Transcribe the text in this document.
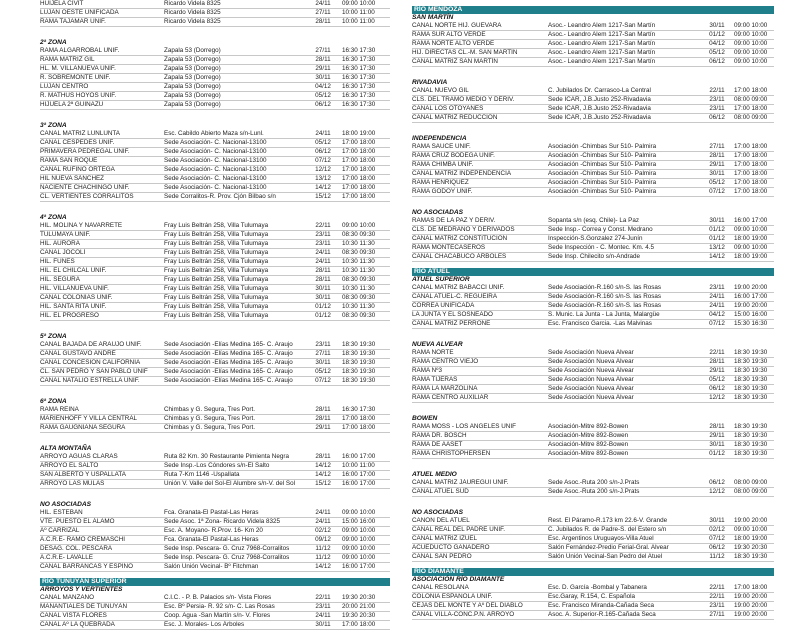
HUIJELA CIVIT	Ricardo Videla 8325	24/11	09:00 10:00
LUJÁN OESTE UNIFICADA	Ricardo Videla 8325	27/11	10:00 11:00
RAMA TAJAMAR UNIF.	Ricardo Videla 8325	28/11	10:00 11:00
2ª ZONA
RAMA ALGARROBAL UNIF.	Zapala 53 (Dorrego)	27/11	16:30 17:30
RAMA MATRIZ GIL	Zapala 53 (Dorrego)	28/11	16:30 17:30
HL. M. VILLANUEVA UNIF.	Zapala 53 (Dorrego)	29/11	16:30 17:30
R. SOBREMONTE UNIF.	Zapala 53 (Dorrego)	30/11	16:30 17:30
LUJÁN CENTRO	Zapala 53 (Dorrego)	04/12	16:30 17:30
R. MATHUS HOYOS UNIF.	Zapala 53 (Dorrego)	05/12	16:30 17:30
HIJUELA 2ª GUIÑAZÚ	Zapala 53 (Dorrego)	06/12	16:30 17:30
3ª ZONA
CANAL MATRIZ LUNLUNTA	Esc. Cabildo Abierto Maza s/n-Lunl.	24/11	18:00 19:00
CANAL CÉSPEDES UNIF.	Sede Asociación- C. Nacional-13100	05/12	17:00 18:00
PRIMAVERA PEDREGAL UNIF.	Sede Asociación- C. Nacional-13100	06/12	17:00 18:00
RAMA SAN ROQUE	Sede Asociación- C. Nacional-13100	07/12	17:00 18:00
CANAL RUFINO ORTEGA	Sede Asociación- C. Nacional-13100	12/12	17:00 18:00
HIL NUEVA SÁNCHEZ	Sede Asociación- C. Nacional-13100	13/12	17:00 18:00
NACIENTE CHACHINGO UNIF.	Sede Asociación- C. Nacional-13100	14/12	17:00 18:00
CL. VERTIENTES CORRALITOS	Sede Corralitos-R. Prov. Cjón Bilbao s/n	15/12	17:00 18:00
4ª ZONA
HIL. MOLINA Y NAVARRETE	Fray Luis Beltrán 258, Villa Tulumaya	22/11	09:00 10:00
TULUMAYA UNIF.	Fray Luis Beltrán 258, Villa Tulumaya	23/11	08:30 09:30
HIL. AURORA	Fray Luis Beltrán 258, Villa Tulumaya	23/11	10:30 11:30
CANAL JOCOLÍ	Fray Luis Beltrán 258, Villa Tulumaya	24/11	08:30 09:30
HIL. FUNES	Fray Luis Beltrán 258, Villa Tulumaya	24/11	10:30 11:30
HIL. EL CHILCAL UNIF.	Fray Luis Beltrán 258, Villa Tulumaya	28/11	10:30 11:30
HIL. SEGURA	Fray Luis Beltrán 258, Villa Tulumaya	28/11	08:30 09:30
HIL. VILLANUEVA UNIF.	Fray Luis Beltrán 258, Villa Tulumaya	30/11	10:30 11:30
CANAL COLONIAS UNIF.	Fray Luis Beltrán 258, Villa Tulumaya	30/11	08:30 09:30
HIL. SANTA RITA UNIF.	Fray Luis Beltrán 258, Villa Tulumaya	01/12	10:30 11:30
HIL. EL PROGRESO	Fray Luis Beltrán 258, Villa Tulumaya	01/12	08:30 09:30
5ª ZONA
CANAL BAJADA DE ARAUJO UNIF.	Sede Asociación -Elías Medina 165- C. Araujo	23/11	18:30 19:30
CANAL GUSTAVO ANDRÉ	Sede Asociación -Elías Medina 165- C. Araujo	27/11	18:30 19:30
CANAL CONCESIÓN CALIFORNIA	Sede Asociación -Elías Medina 165- C. Araujo	30/11	18:30 19:30
CL. SAN PEDRO Y SAN PABLO UNIF	Sede Asociación -Elías Medina 165- C. Araujo	05/12	18:30 19:30
CANAL NATALIO ESTRELLA UNIF.	Sede Asociación -Elías Medina 165- C. Araujo	07/12	18:30 19:30
6ª ZONA
RAMA REINA	Chimbas y G. Segura, Tres Port.	28/11	16:30 17:30
MARIENHOFF Y VILLA CENTRAL	Chimbas y G. Segura, Tres Port.	28/11	17:00 18:00
RAMA GAUGNIANA SEGURA	Chimbas y G. Segura, Tres Port.	29/11	17:00 18:00
ALTA MONTAÑA
ARROYO AGUAS CLARAS	Ruta 82 Km. 30 Restaurante Pimienta Negra	28/11	16:00 17:00
ARROYO EL SALTO	Sede Insp.-Los Cóndores s/n-El Salto	14/12	10:00 11:00
SAN ALBERTO Y USPALLATA	Ruta 7-Km 1146 -Uspallata	14/12	16:00 17:00
ARROYO LAS MULAS	Unión V. Valle del Sol-El Alumbre s/n-V. del Sol	15/12	16:00 17:00
NO ASOCIADAS
HIL. ESTEBAN	Fca. Granata-El Pastal-Las Heras	24/11	09:00 10:00
VTE. PUESTO EL ÁLAMO	Sede Asoc. 1ª Zona- Ricardo Videla 8325	24/11	15:00 16:00
Aº CARRIZAL	Esc. A. Moyano- R.Prov. 16- Km 20	02/12	09:00 10:00
A.C.R.E- RAMO CREMASCHI	Fca. Granata-El Pastal-Las Heras	09/12	09:00 10:00
DESAG. COL. PESCARA	Sede Insp. Pescara- G. Cruz 7968-Corralitos	11/12	09:00 10:00
A.C.R.E- LAVALLE	Sede Insp. Pescara- G. Cruz 7968-Corralitos	11/12	09:00 10:00
CANAL BARRANCAS Y ESPINO	Salón Unión Vecinal- Bº Fitchman	14/12	16:00 17:00
RÍO TUNUYÁN SUPERIOR
ARROYOS Y VERTIENTES
CANAL MANZANO	C.I.C. - P. B. Palacios s/n- Vista Flores	22/11	19:30 20:30
MANANTIALES DE TUNUYÁN	Esc. Bº Persia- R. 92 s/n- C. Las Rosas	23/11	20:00 21:00
CANAL VISTA FLORES	Coop. Agua -San Martín s/n- V. Flores	24/11	19:30 20:30
CANAL Aº LA QUEBRADA	Esc. J. Morales- Los Árboles	30/11	17:00 18:00
RÍO MENDOZA
SAN MARTÍN
CANAL NORTE HIJ. GUEVARA	Asoc.- Leandro Alem 1217-San Martín	30/11	09:00 10:00
RAMA SUR ALTO VERDE	Asoc.- Leandro Alem 1217-San Martín	01/12	09:00 10:00
RAMA NORTE ALTO VERDE	Asoc.- Leandro Alem 1217-San Martín	04/12	09:00 10:00
HIJ. DIRECTAS CL.-M. SAN MARTÍN	Asoc.- Leandro Alem 1217-San Martín	05/12	09:00 10:00
CANAL MATRIZ SAN MARTÍN	Asoc.- Leandro Alem 1217-San Martín	06/12	09:00 10:00
RIVADAVIA
CANAL NUEVO GIL	C. Jubilados Dr. Carrasco-La Central	22/11	17:00 18:00
CLS. DEL TRAMO MEDIO Y DERIV.	Sede ICAR, J.B.Justo 252-Rivadavia	23/11	08:00 09:00
CANAL LOS OTOYANES	Sede ICAR, J.B.Justo 252-Rivadavia	23/11	17:00 18:00
CANAL MATRIZ REDUCCIÓN	Sede ICAR, J.B.Justo 252-Rivadavia	06/12	08:00 09:00
INDEPENDENCIA
RAMA SAUCE UNIF.	Asociación -Chimbas Sur 510- Palmira	27/11	17:00 18:00
RAMA CRUZ BODEGA UNIF.	Asociación -Chimbas Sur 510- Palmira	28/11	17:00 18:00
RAMA CHIMBA UNIF.	Asociación -Chimbas Sur 510- Palmira	29/11	17:00 18:00
CANAL MATRIZ INDEPENDENCIA	Asociación -Chimbas Sur 510- Palmira	30/11	17:00 18:00
RAMA HENRIQUEZ	Asociación -Chimbas Sur 510- Palmira	05/12	17:00 18:00
RAMA GODOY UNIF.	Asociación -Chimbas Sur 510- Palmira	07/12	17:00 18:00
NO ASOCIADAS
RAMAS DE LA PAZ Y DERIV.	Sopanta s/n (esq. Chile)- La Paz	30/11	16:00 17:00
CLS. DE MEDRANO Y DERIVADOS	Sede Insp.- Correa y Const. Medrano	01/12	09:00 10:00
CANAL MATRIZ CONSTITUCIÓN	Inspección-S.Gonzalez 274-Junín	01/12	18:00 19:00
RAMA MONTECASEROS	Sede Inspección - C. Montec. Km. 4.5	13/12	09:00 10:00
CANAL CHACABUCO ÁRBOLES	Sede Insp. Chilecito s/n-Andrade	14/12	18:00 19:00
RÍO ATUEL
ATUEL SUPERIOR
CANAL MATRIZ BABACCI UNIF.	Sede Asociación-R.160 s/n-S. las Rosas	23/11	19:00 20:00
CANAL ATUEL-C. REGUEIRA	Sede Asociación-R.160 s/n-S. las Rosas	24/11	16:00 17:00
CORREA UNIFICADA	Sede Asociación-R.160 s/n-S. las Rosas	24/11	19:00 20:00
LA JUNTA Y EL SOSNEADO	S. Munic. La Junta - La Junta, Malargüe	04/12	15:00 16:00
CANAL MATRIZ PERRONE	Esc. Francisco Garcia. -Las Malvinas	07/12	15:30 16:30
NUEVA ALVEAR
RAMA NORTE	Sede Asociación Nueva Alvear	22/11	18:30 19:30
RAMA CENTRO VIEJO	Sede Asociación Nueva Alvear	28/11	18:30 19:30
RAMA Nº3	Sede Asociación Nueva Alvear	29/11	18:30 19:30
RAMA TIJERAS	Sede Asociación Nueva Alvear	05/12	18:30 19:30
RAMA LA MARZOLINA	Sede Asociación Nueva Alvear	06/12	18:30 19:30
RAMA CENTRO AUXILIAR	Sede Asociación Nueva Alvear	12/12	18:30 19:30
BOWEN
RAMA MOSS - LOS ANGELES UNIF	Asociación-Mitre 892-Bowen	28/11	18:30 19:30
RAMA DR. BOSCH	Asociación-Mitre 892-Bowen	29/11	18:30 19:30
RAMA DE AASET	Asociación-Mitre 892-Bowen	30/11	18:30 19:30
RAMA CHRISTOPHERSEN	Asociación-Mitre 892-Bowen	01/12	18:30 19:30
ATUEL MEDIO
CANAL MATRIZ JÁUREGUI UNIF.	Sede Asoc.-Ruta 200 s/n-J.Prats	06/12	08:00 09:00
CANAL ATUEL SUD	Sede Asoc.-Ruta 200 s/n-J.Prats	12/12	08:00 09:00
NO ASOCIADAS
CAÑÓN DEL ATUEL	Rest. El Páramo-R.173 km 22.6-V. Grande	30/11	19:00 20:00
CANAL REAL DEL PADRE UNIF.	C. Jubilados R. de Padre-S. del Estero s/n	02/12	09:00 10:00
CANAL MATRIZ IZUEL	Esc. Argentinos Uruguayos-Villa Atuel	07/12	18:00 19:00
ACUEDUCTO GANADERO	Salón Fernández-Predio Ferial-Gral. Alvear	06/12	19:30 20:30
CANAL SAN PEDRO	Salón Unión Vecinal-San Pedro del Atuel	11/12	18:30 19:30
RÍO DIAMANTE
ASOCIACIÓN RÍO DIAMANTE
CANAL RESOLANA	Esc. D. García -Bombal y Tabanera	22/11	17:00 18:00
COLONIA ESPAÑOLA UNIF.	Esc.Garay, R.154, C. Española	22/11	19:00 20:00
CEJAS DEL MONTE Y Aº DEL DIABLO	Esc. Francisco Miranda-Cañada Seca	23/11	19:00 20:00
CANAL VILLA-CONC.P.N. ARROYO	Asoc. A. Superior-R.165-Cañada Seca	27/11	19:00 20:00
